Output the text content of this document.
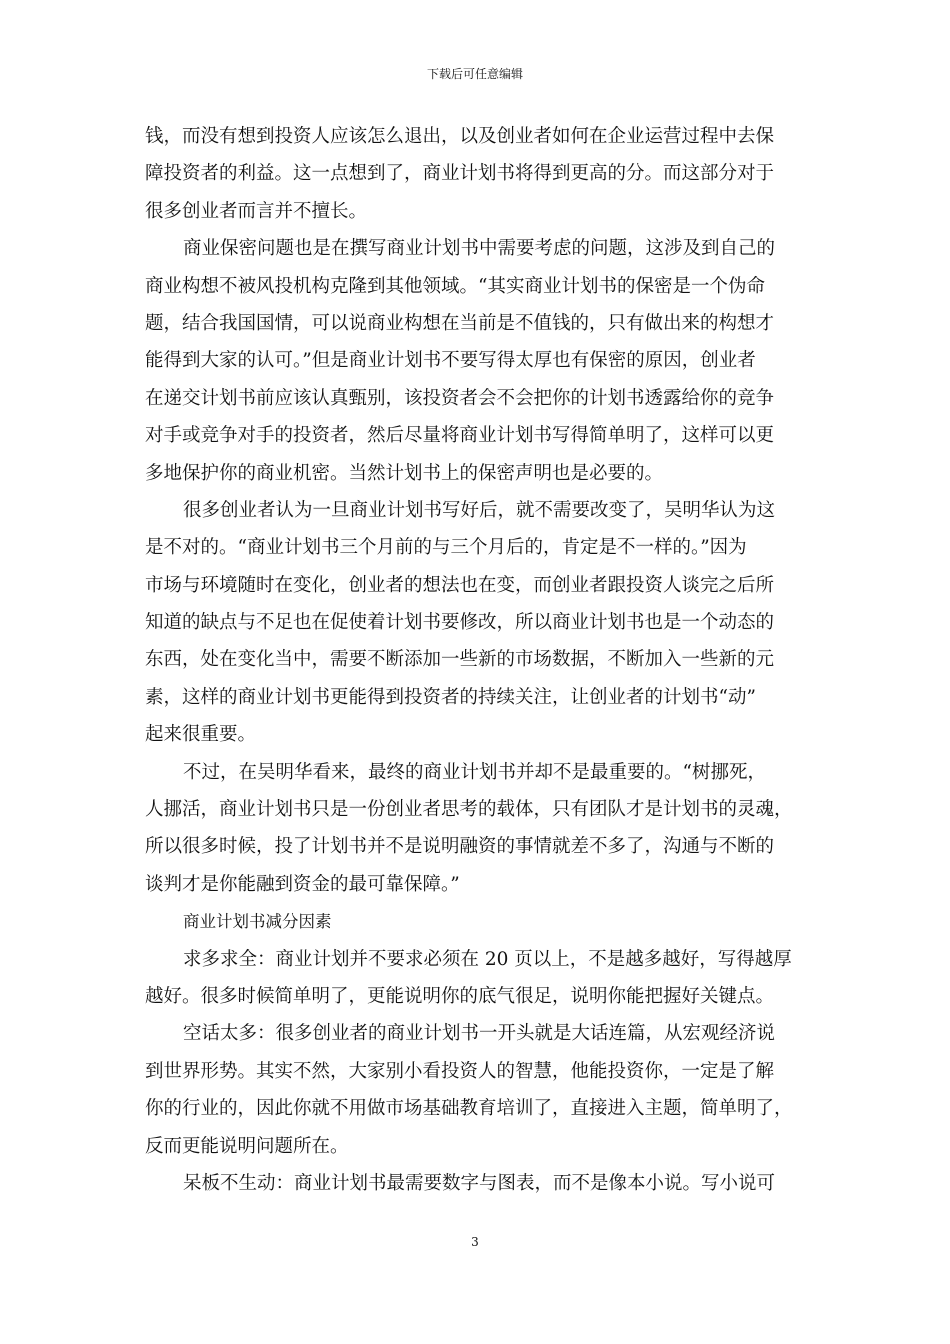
下载后可任意编辑
钱，而没有想到投资人应该怎么退出，以及创业者如何在企业运营过程中去保
障投资者的利益。这一点想到了，商业计划书将得到更高的分。而这部分对于
很多创业者而言并不擅长。
商业保密问题也是在撰写商业计划书中需要考虑的问题，这涉及到自己的
商业构想不被风投机构克隆到其他领域。“其实商业计划书的保密是一个伪命
题，结合我国国情，可以说商业构想在当前是不值钱的，只有做出来的构想才
能得到大家的认可。”但是商业计划书不要写得太厚也有保密的原因，创业者
在递交计划书前应该认真甄别，该投资者会不会把你的计划书透露给你的竞争
对手或竞争对手的投资者，然后尽量将商业计划书写得简单明了，这样可以更
多地保护你的商业机密。当然计划书上的保密声明也是必要的。
很多创业者认为一旦商业计划书写好后，就不需要改变了，吴明华认为这
是不对的。“商业计划书三个月前的与三个月后的，肯定是不一样的。”因为
市场与环境随时在变化，创业者的想法也在变，而创业者跟投资人谈完之后所
知道的缺点与不足也在促使着计划书要修改，所以商业计划书也是一个动态的
东西，处在变化当中，需要不断添加一些新的市场数据，不断加入一些新的元
素，这样的商业计划书更能得到投资者的持续关注，让创业者的计划书“动”
起来很重要。
不过，在吴明华看来，最终的商业计划书并却不是最重要的。“树挪死，
人挪活，商业计划书只是一份创业者思考的载体，只有团队才是计划书的灵魂，
所以很多时候，投了计划书并不是说明融资的事情就差不多了，沟通与不断的
谈判才是你能融到资金的最可靠保障。”
商业计划书减分因素
求多求全：商业计划并不要求必须在 20 页以上，不是越多越好，写得越厚
越好。很多时候简单明了，更能说明你的底气很足，说明你能把握好关键点。
空话太多：很多创业者的商业计划书一开头就是大话连篇，从宏观经济说
到世界形势。其实不然，大家别小看投资人的智慧，他能投资你，一定是了解
你的行业的，因此你就不用做市场基础教育培训了，直接进入主题，简单明了，
反而更能说明问题所在。
呆板不生动：商业计划书最需要数字与图表，而不是像本小说。写小说可
3
